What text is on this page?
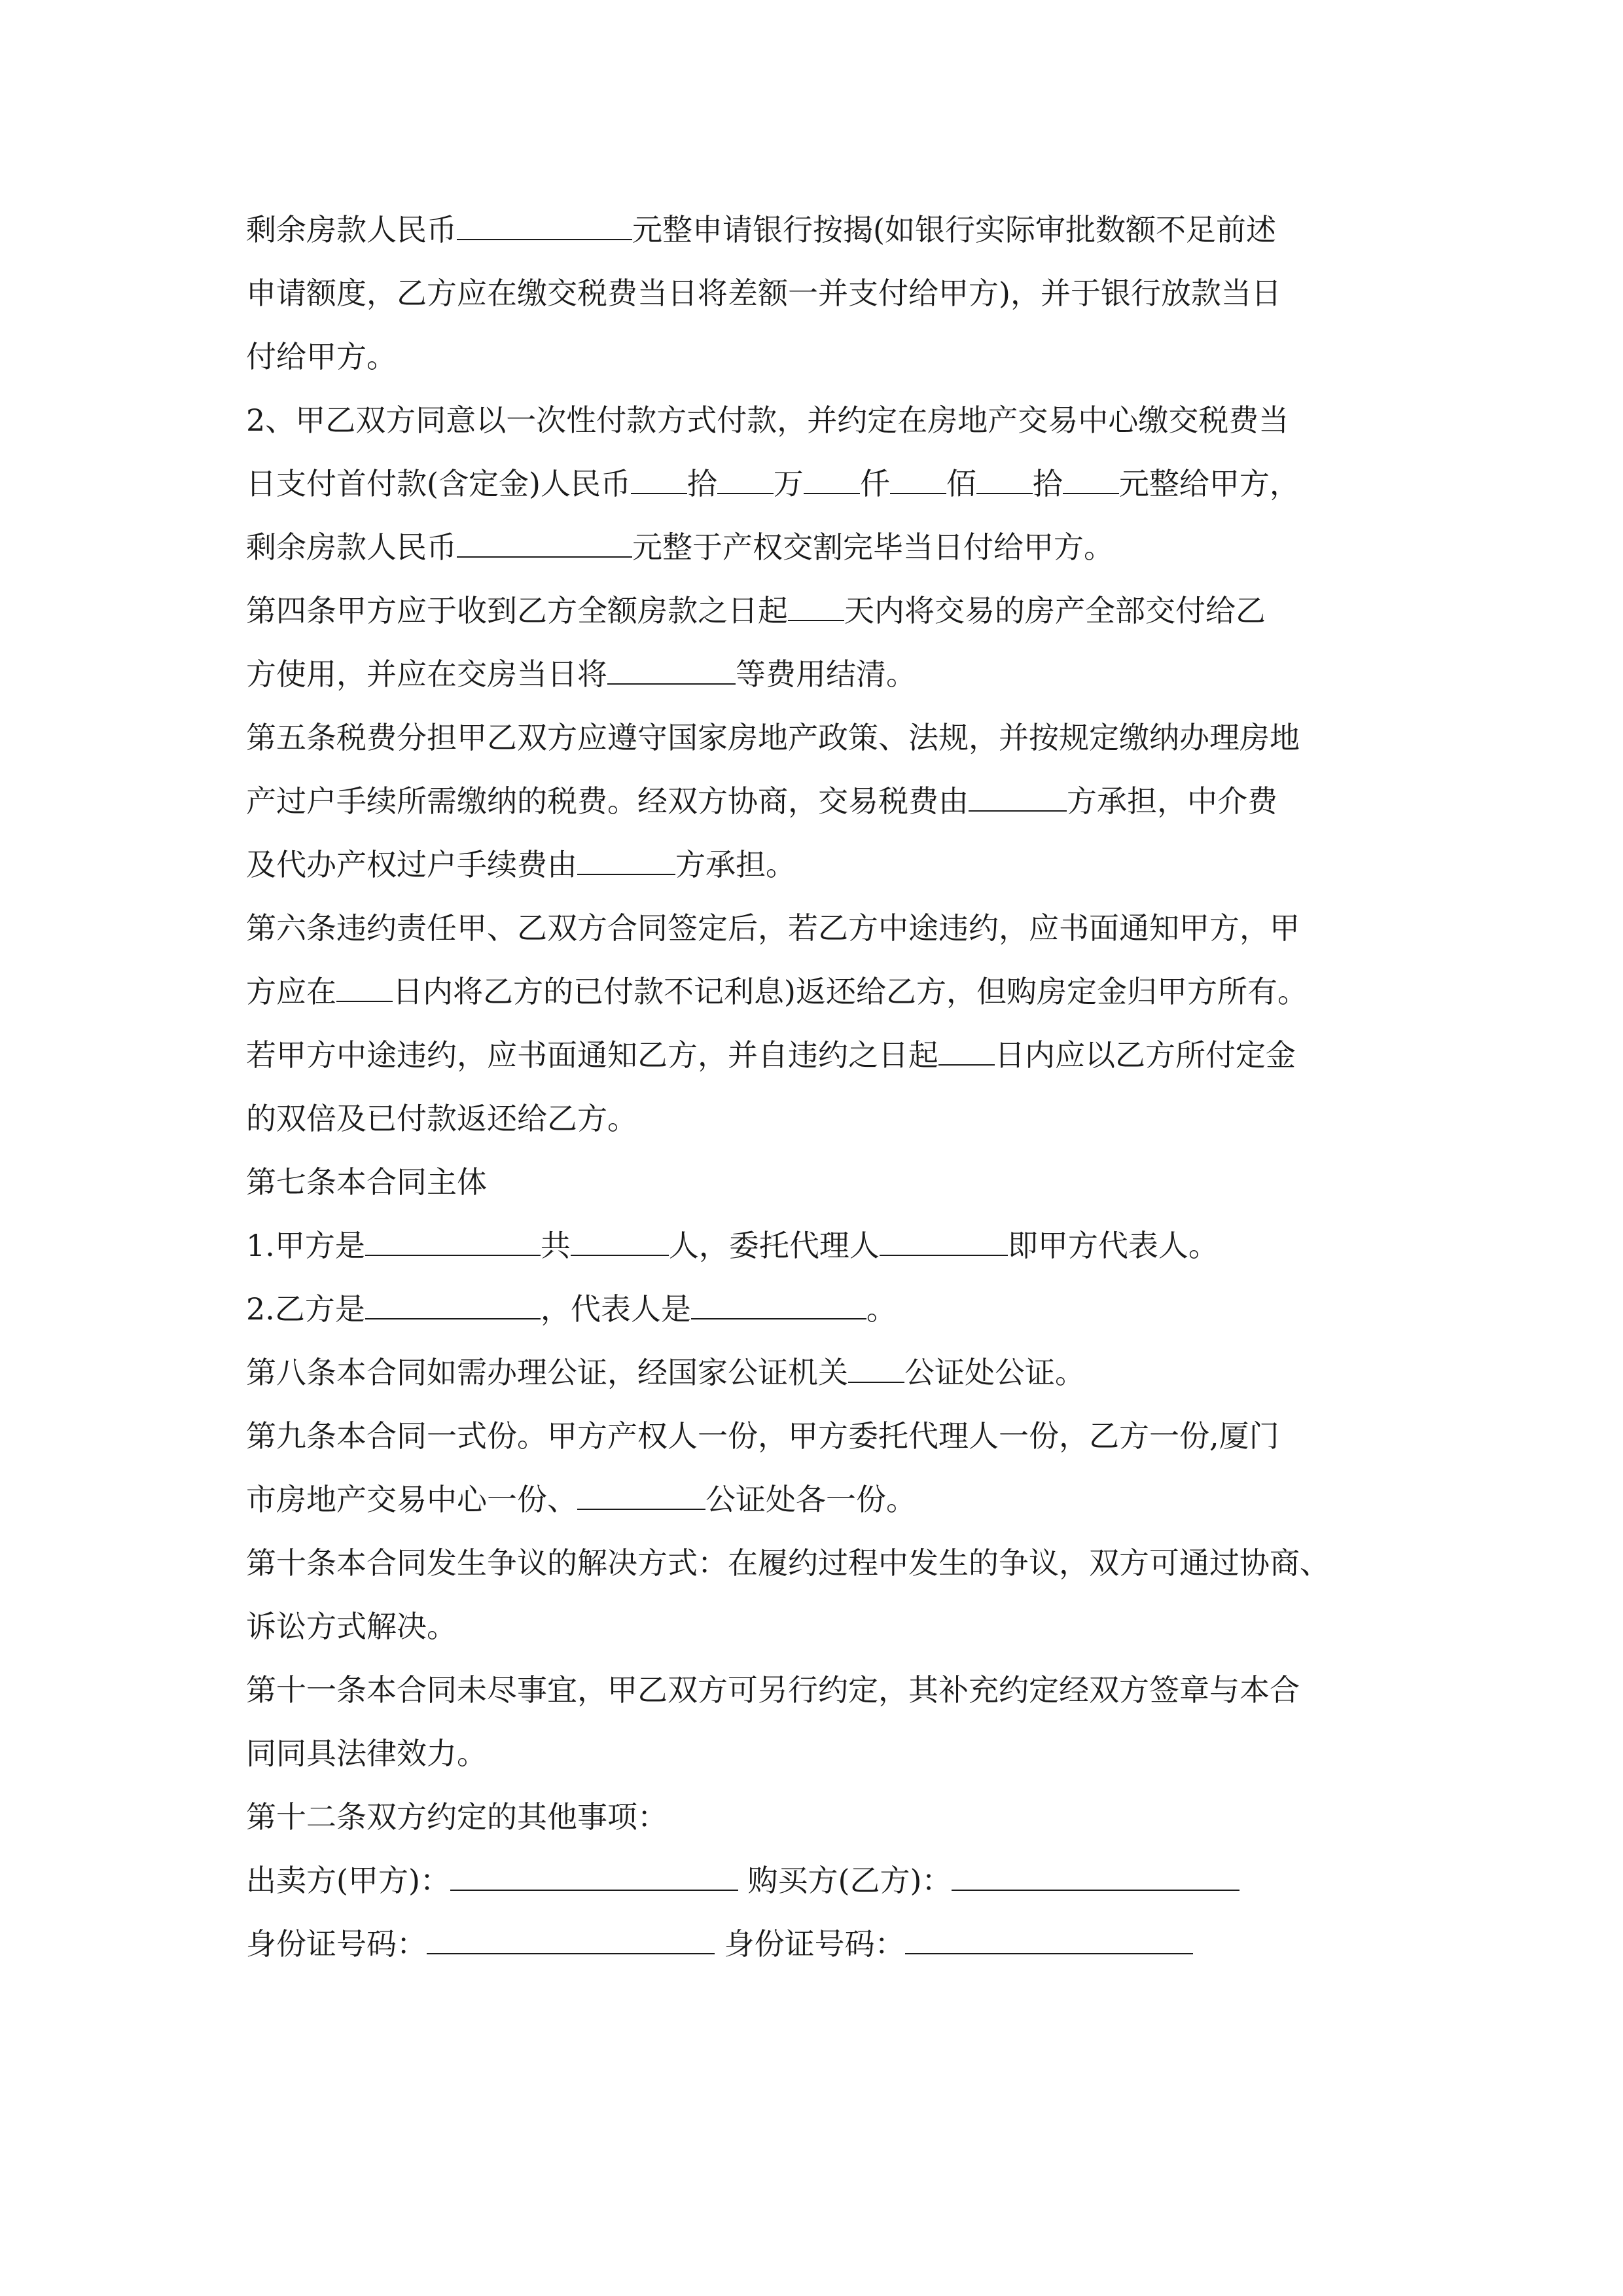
剩余房款人民币	元整申请银行按揭(如银行实际审批数额不足前述
申请额度，乙方应在缴交税费当日将差额一并支付给甲方)，并于银行放款当日
付给甲方。
2、甲乙双方同意以一次性付款方式付款，并约定在房地产交易中心缴交税费当
日支付首付款(含定金)人民币 拾 万 仟 佰 拾 元整给甲方，
剩余房款人民币	元整于产权交割完毕当日付给甲方。
第四条甲方应于收到乙方全额房款之日起 天内将交易的房产全部交付给乙
方使用，并应在交房当日将	等费用结清。
第五条税费分担甲乙双方应遵守国家房地产政策、法规，并按规定缴纳办理房地
产过户手续所需缴纳的税费。经双方协商，交易税费由	方承担，中介费
及代办产权过户手续费由	方承担。
第六条违约责任甲、乙双方合同签定后，若乙方中途违约，应书面通知甲方，甲
方应在 日内将乙方的已付款不记利息)返还给乙方，但购房定金归甲方所有。
若甲方中途违约，应书面通知乙方，并自违约之日起 日内应以乙方所付定金
的双倍及已付款返还给乙方。
第七条本合同主体
1.甲方是	共	人，委托代理人	即甲方代表人。
2.乙方是	，代表人是	。
第八条本合同如需办理公证，经国家公证机关 公证处公证。
第九条本合同一式份。甲方产权人一份，甲方委托代理人一份，乙方一份,厦门
市房地产交易中心一份、	公证处各一份。
第十条本合同发生争议的解决方式：在履约过程中发生的争议，双方可通过协商、
诉讼方式解决。
第十一条本合同未尽事宜，甲乙双方可另行约定，其补充约定经双方签章与本合
同同具法律效力。
第十二条双方约定的其他事项：
出卖方(甲方)：	购买方(乙方)：
身份证号码：	身份证号码：
